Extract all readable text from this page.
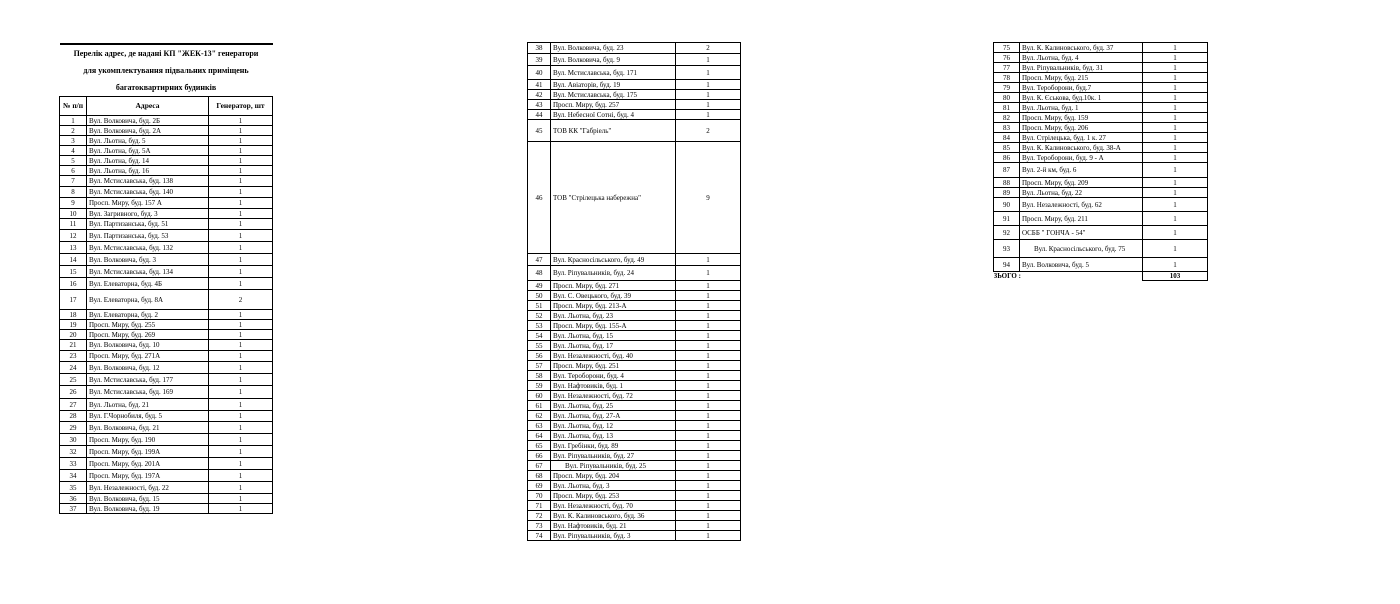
Перелік адрес, де надані КП "ЖЕК-13" генератори
для укомплектування підвальних приміщень
багатоквартирних будинків		

№ п/п	Адреса	Генератор, шт
1	Вул. Волковича, буд. 2Б	1
2	Вул. Волковича, буд. 2А	1
3	Вул. Льотна, буд. 5	1
4	Вул. Льотна, буд. 5А	1
5	Вул. Льотна, буд. 14	1
6	Вул. Льотна, буд. 16	1
7	Вул. Мстиславська, буд. 138	1
8	Вул. Мстиславська, буд. 140	1
9	Просп. Миру, буд. 157 А	1
10	Вул. Загривного, буд. 3	1
11	Вул. Партизанська, буд. 51	1
12	Вул. Партизанська, буд. 53	1
13	Вул. Мстиславська, буд. 132	1
14	Вул. Волковича, буд. 3	1
15	Вул. Мстиславська, буд. 134	1
16	Вул. Елеваторна, буд. 4Б	1
17	Вул. Елеваторна, буд. 8А	2
18	Вул. Елеваторна, буд. 2	1
19	Просп. Миру, буд. 255	1
20	Просп. Миру, буд. 269	1
21	Вул. Волковича, буд. 10	1
23	Просп. Миру, буд. 271А	1
24	Вул. Волковича, буд. 12	1
25	Вул. Мстиславська, буд. 177	1
26	Вул. Мстиславська, буд. 169	1
27	Вул. Льотна, буд. 21	1
28	Вул. Г.Чорнобиля, буд. 5	1
29	Вул. Волковича, буд. 21	1
30	Просп. Миру, буд. 190	1
32	Просп. Миру, буд. 199А	1
33	Просп. Миру, буд. 201А	1
34	Просп. Миру, буд. 197А	1
35	Вул. Незалежності, буд. 22	1
36	Вул. Волковича, буд. 15	1
37	Вул. Волковича, буд. 19	1
38	Вул. Волковича, буд. 23	2
39	Вул. Волковича, буд. 9	1
40	Вул. Мстиславська, буд. 171	1
41	Вул. Авіаторів, буд. 19	1
42	Вул. Мстиславська, буд. 175	1
43	Просп. Миру, буд. 257	1
44	Вул. Небесної Сотні, буд. 4	1
45	ТОВ КК "Габріель"	2
46	ТОВ "Стрілецька набережна"	9
47	Вул. Красносільського, буд. 49	1
48	Вул. Ріпувальників, буд. 24	1
49	Просп. Миру, буд. 271	1
50	Вул. С. Овецького, буд. 39	1
51	Просп. Миру, буд. 213-А	1
52	Вул. Льотна, буд. 23	1
53	Просп. Миру, буд. 155-А	1
54	Вул. Льотна, буд. 15	1
55	Вул. Льотна, буд. 17	1
56	Вул. Незалежності, буд. 40	1
57	Просп. Миру, буд. 251	1
58	Вул. Тероборони, буд. 4	1
59	Вул. Нафтовиків, буд. 1	1
60	Вул. Незалежності, буд. 72	1
61	Вул. Льотна, буд. 25	1
62	Вул. Льотна, буд. 27-А	1
63	Вул. Льотна, буд. 12	1
64	Вул. Льотна, буд. 13	1
65	Вул. Гребінки, буд. 89	1
66	Вул. Ріпувальників, буд. 27	1
67	Вул. Ріпувальників, буд. 25	1
68	Просп. Миру, буд. 204	1
69	Вул. Льотна, буд. 3	1
70	Просп. Миру, буд. 253	1
71	Вул. Незалежності, буд. 70	1
72	Вул. К. Калиновського, буд. 36	1
73	Вул. Нафтовиків, буд. 21	1
74	Вул. Ріпувальників, буд. 3	1
75	Вул. К. Калиновського, буд. 37	1
76	Вул. Льотна, буд. 4	1
77	Вул. Ріпувальників, буд. 31	1
78	Просп. Миру, буд. 215	1
79	Вул. Тероборони, буд.7	1
80	Вул. К. Єськова, буд.10к. 1	1
81	Вул. Льотна, буд. 1	1
82	Просп. Миру, буд. 159	1
83	Просп. Миру, буд. 206	1
84	Вул. Стрілецька, буд. 1 к. 27	1
85	Вул. К. Калиновського, буд. 38-А	1
86	Вул. Тероборони, буд. 9 - А	1
87	Вул. 2-й км, буд. 6	1
88	Просп. Миру, буд. 209	1
89	Вул. Льотна, буд. 22	1
90	Вул. Незалежності, буд. 62	1
91	Просп. Миру, буд. 211	1
92	ОСББ " ГОНЧА - 54"	1
93	Вул. Красносільського, буд. 75	1
94	Вул. Волковича, буд. 5	1
ЗЬОГО :		103
